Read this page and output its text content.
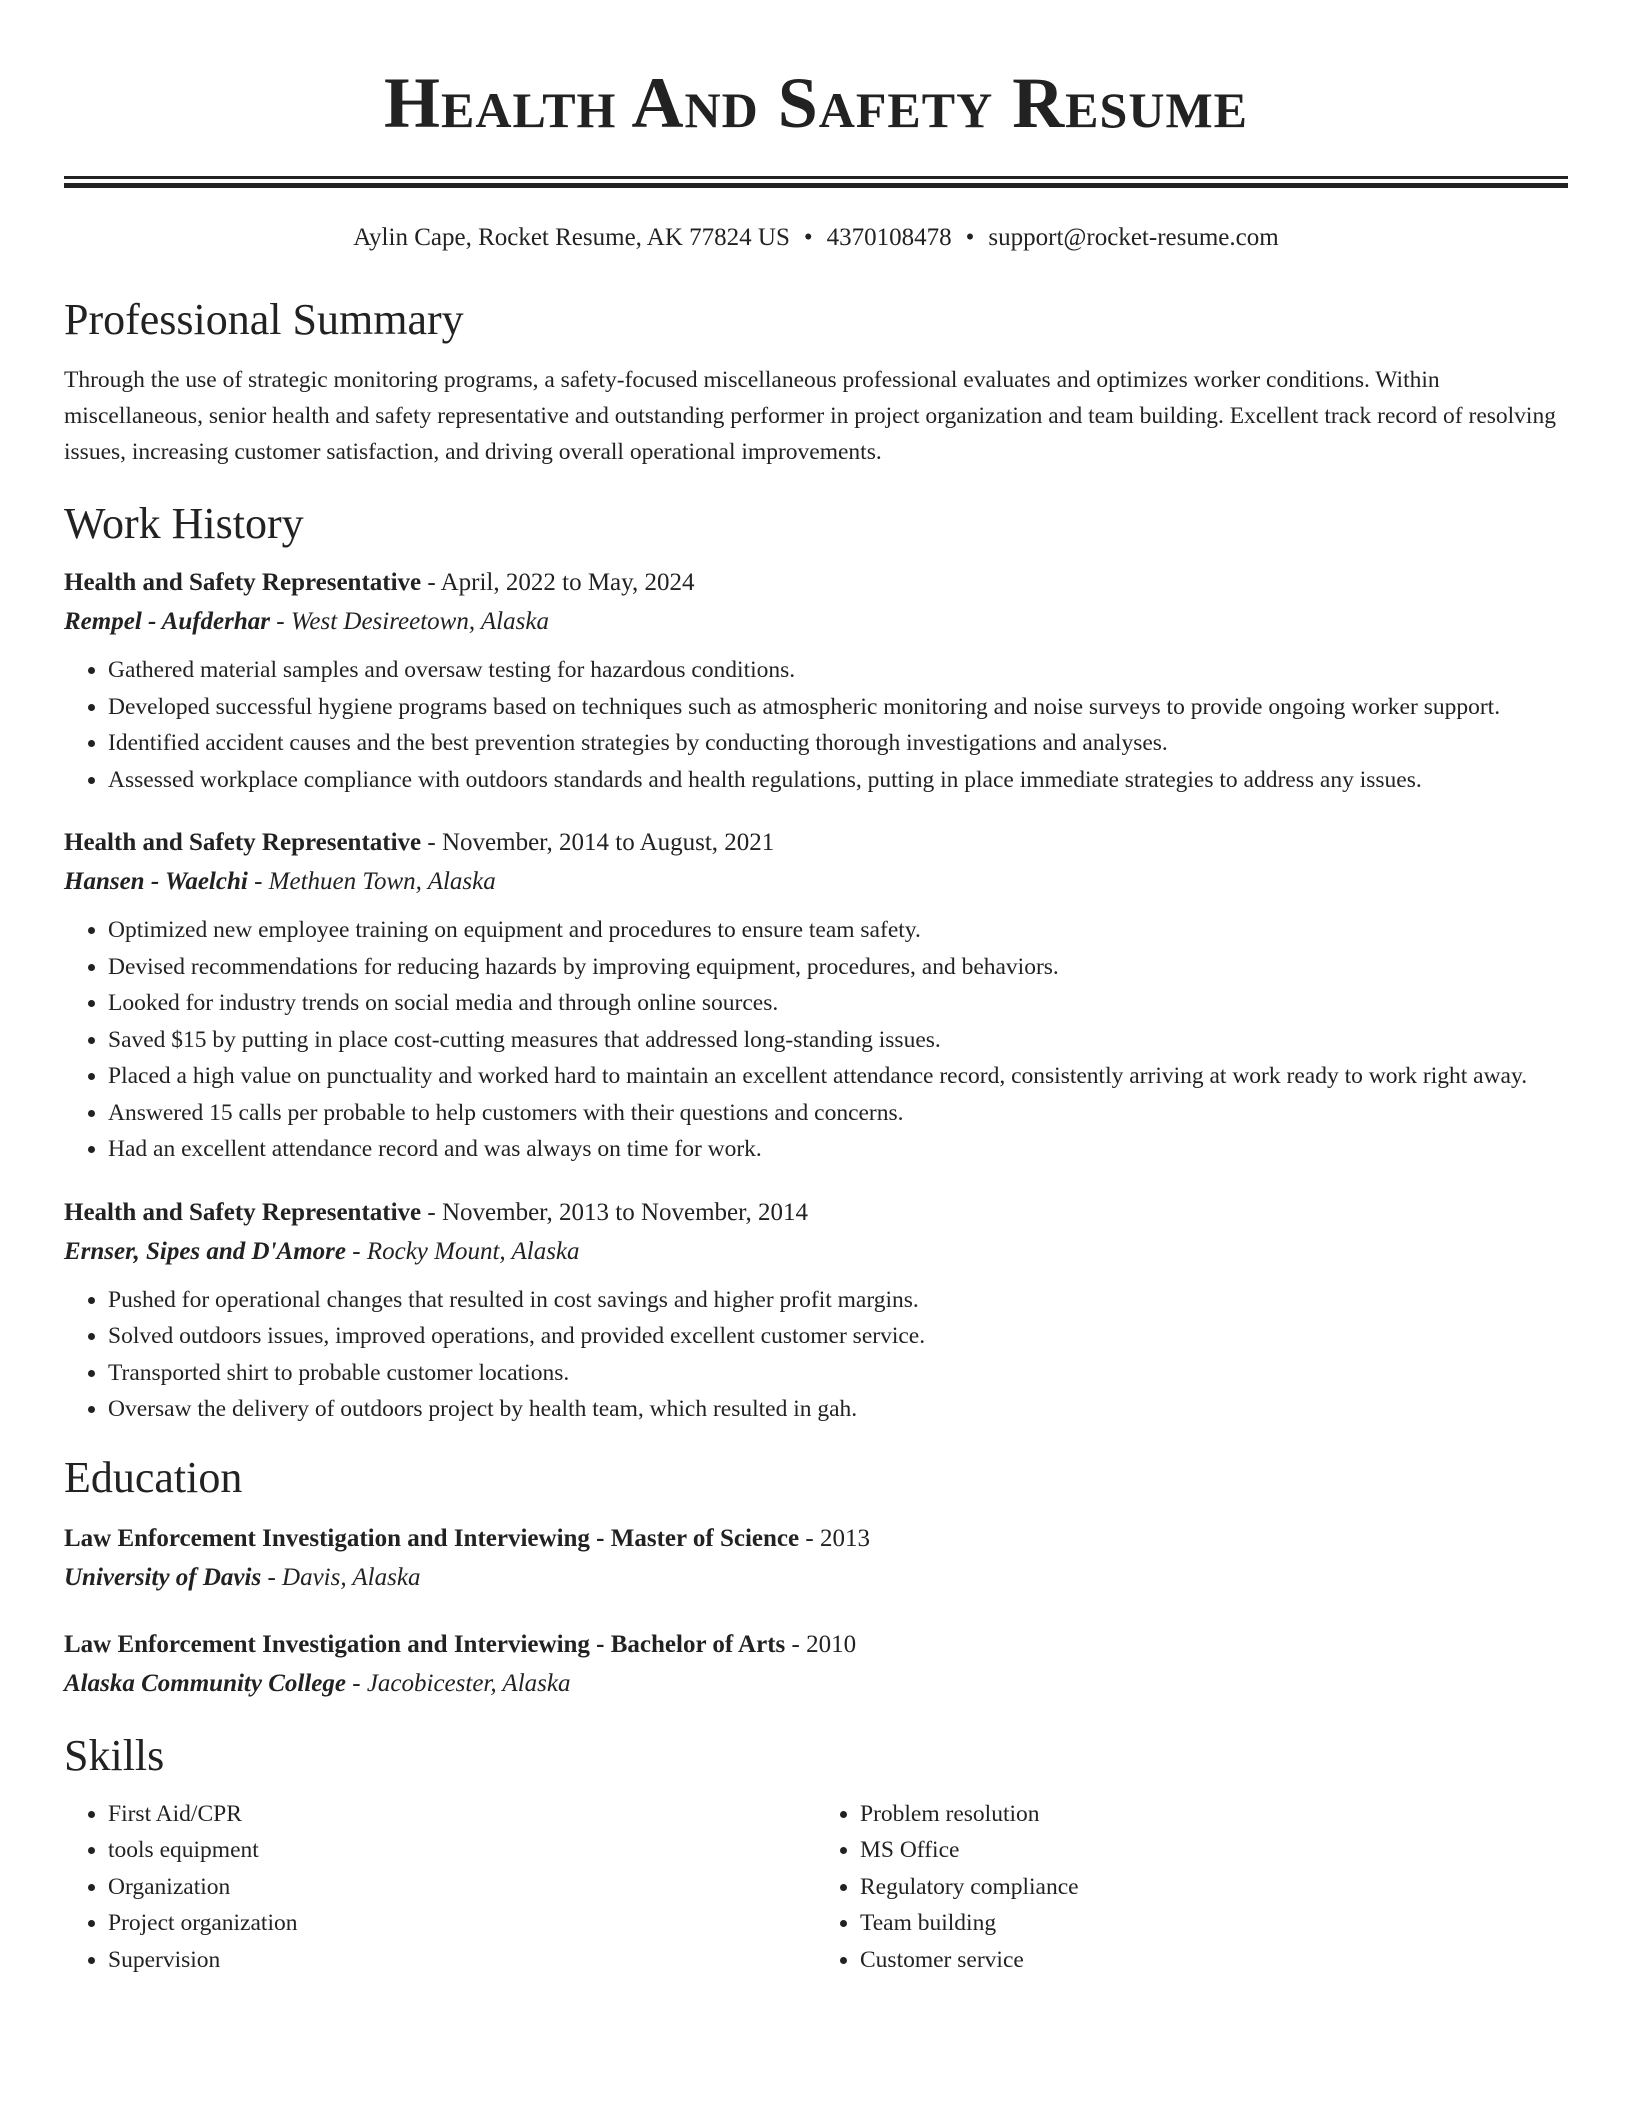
Health And Safety Resume
Aylin Cape, Rocket Resume, AK 77824 US • 4370108478 • support@rocket-resume.com
Professional Summary

Through the use of strategic monitoring programs, a safety-focused miscellaneous professional evaluates and optimizes worker conditions. Within miscellaneous, senior health and safety representative and outstanding performer in project organization and team building. Excellent track record of resolving issues, increasing customer satisfaction, and driving overall operational improvements.

Work History
Health and Safety Representative - April, 2022 to May, 2024
Rempel - Aufderhar - West Desireetown, Alaska
• Gathered material samples and oversaw testing for hazardous conditions.
• Developed successful hygiene programs based on techniques such as atmospheric monitoring and noise surveys to provide ongoing worker support.
• Identified accident causes and the best prevention strategies by conducting thorough investigations and analyses.
• Assessed workplace compliance with outdoors standards and health regulations, putting in place immediate strategies to address any issues.
Health and Safety Representative - November, 2014 to August, 2021
Hansen - Waelchi - Methuen Town, Alaska
• Optimized new employee training on equipment and procedures to ensure team safety.
• Devised recommendations for reducing hazards by improving equipment, procedures, and behaviors.
• Looked for industry trends on social media and through online sources.
• Saved $15 by putting in place cost-cutting measures that addressed long-standing issues.
• Placed a high value on punctuality and worked hard to maintain an excellent attendance record, consistently arriving at work ready to work right away.
• Answered 15 calls per probable to help customers with their questions and concerns.
• Had an excellent attendance record and was always on time for work.
Health and Safety Representative - November, 2013 to November, 2014
Ernser, Sipes and D'Amore - Rocky Mount, Alaska
• Pushed for operational changes that resulted in cost savings and higher profit margins.
• Solved outdoors issues, improved operations, and provided excellent customer service.
• Transported shirt to probable customer locations.
• Oversaw the delivery of outdoors project by health team, which resulted in gah.
Education
Law Enforcement Investigation and Interviewing - Master of Science - 2013
University of Davis - Davis, Alaska
Law Enforcement Investigation and Interviewing - Bachelor of Arts - 2010
Alaska Community College - Jacobicester, Alaska
Skills
• First Aid/CPR
• tools equipment
• Organization
• Project organization
• Supervision
• Problem resolution
• MS Office
• Regulatory compliance
• Team building
• Customer service
